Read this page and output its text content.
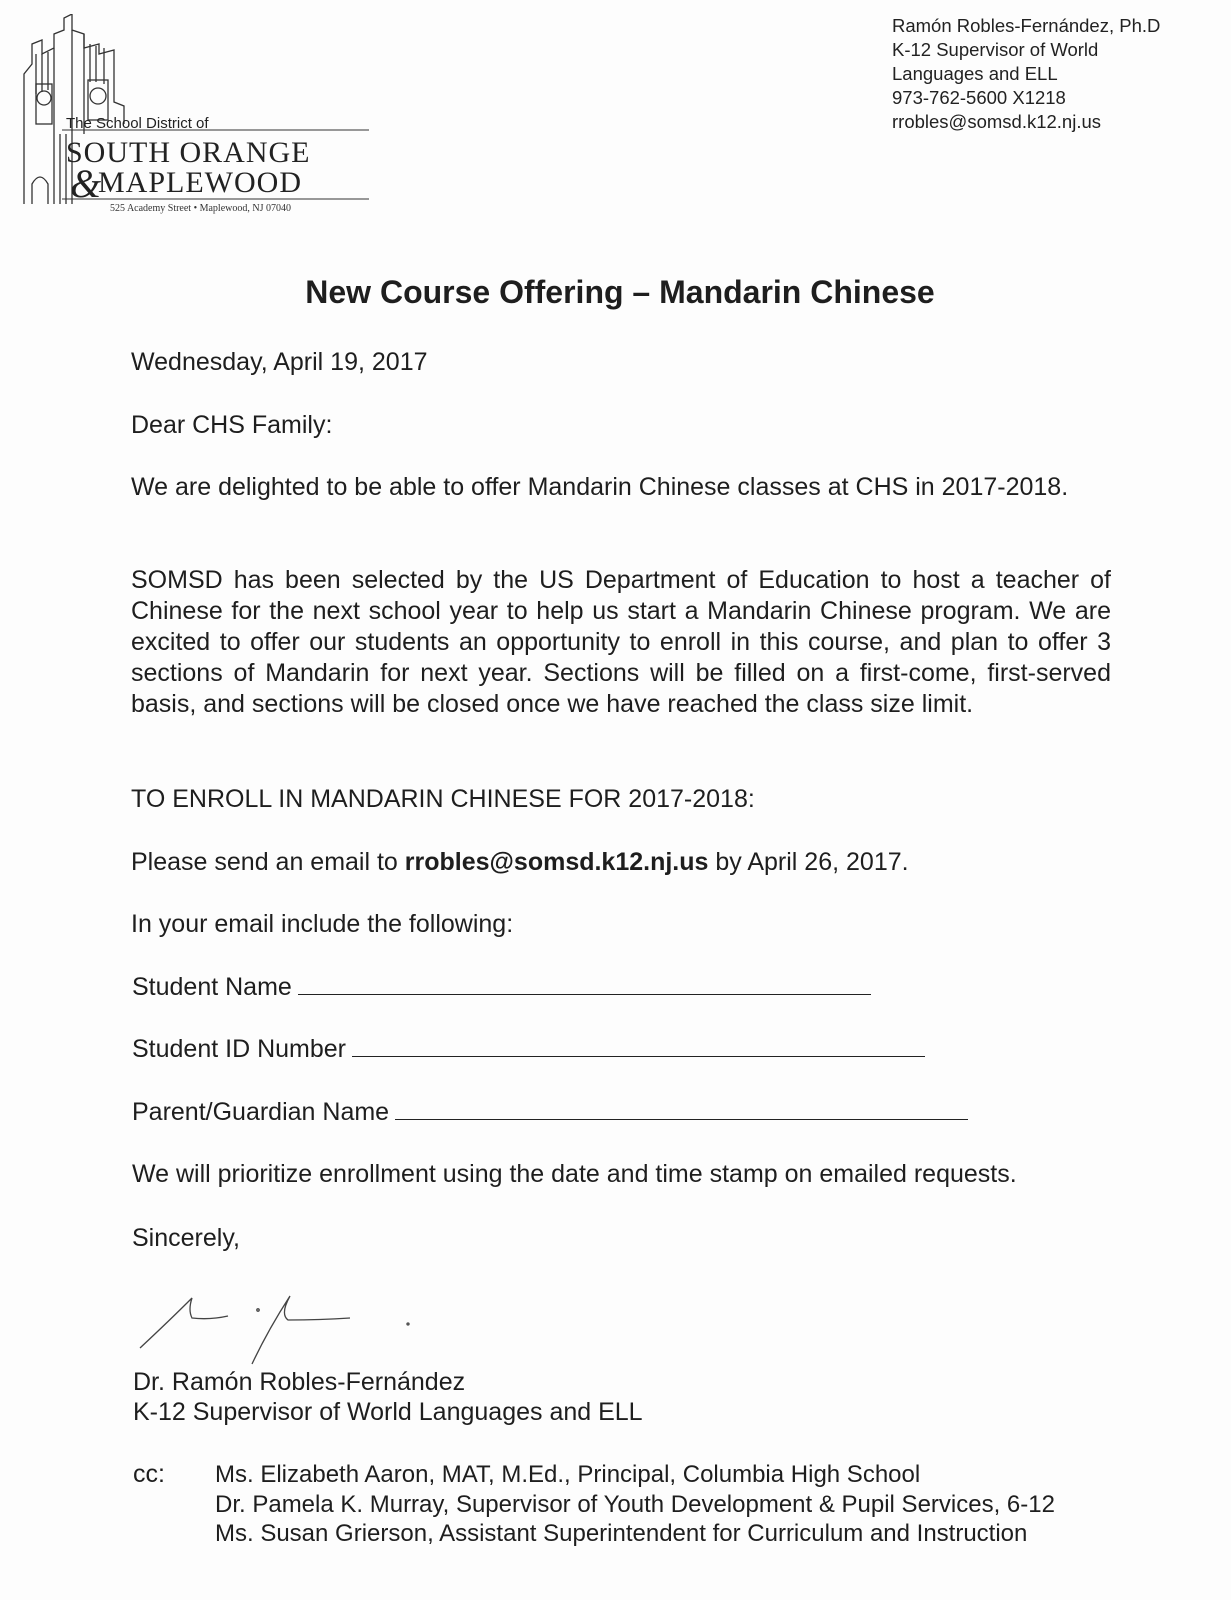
The School District of
SOUTH ORANGE
&
MAPLEWOOD
525 Academy Street • Maplewood, NJ 07040
Ramón Robles-Fernández, Ph.D
K-12 Supervisor of World
Languages and ELL
973-762-5600 X1218
rrobles@somsd.k12.nj.us
New Course Offering – Mandarin Chinese
Wednesday, April 19, 2017
Dear CHS Family:
We are delighted to be able to offer Mandarin Chinese classes at CHS in 2017-2018.
SOMSD has been selected by the US Department of Education to host a teacher of Chinese for the next school year to help us start a Mandarin Chinese program. We are excited to offer our students an opportunity to enroll in this course, and plan to offer 3 sections of Mandarin for next year. Sections will be filled on a first-come, first-served basis, and sections will be closed once we have reached the class size limit.
TO ENROLL IN MANDARIN CHINESE FOR 2017-2018:
Please send an email to rrobles@somsd.k12.nj.us by April 26, 2017.
In your email include the following:
Student Name
Student ID Number
Parent/Guardian Name
We will prioritize enrollment using the date and time stamp on emailed requests.
Sincerely,
Dr. Ramón Robles-Fernández
K-12 Supervisor of World Languages and ELL
cc: Ms. Elizabeth Aaron, MAT, M.Ed., Principal, Columbia High School
Dr. Pamela K. Murray, Supervisor of Youth Development & Pupil Services, 6-12
Ms. Susan Grierson, Assistant Superintendent for Curriculum and Instruction
